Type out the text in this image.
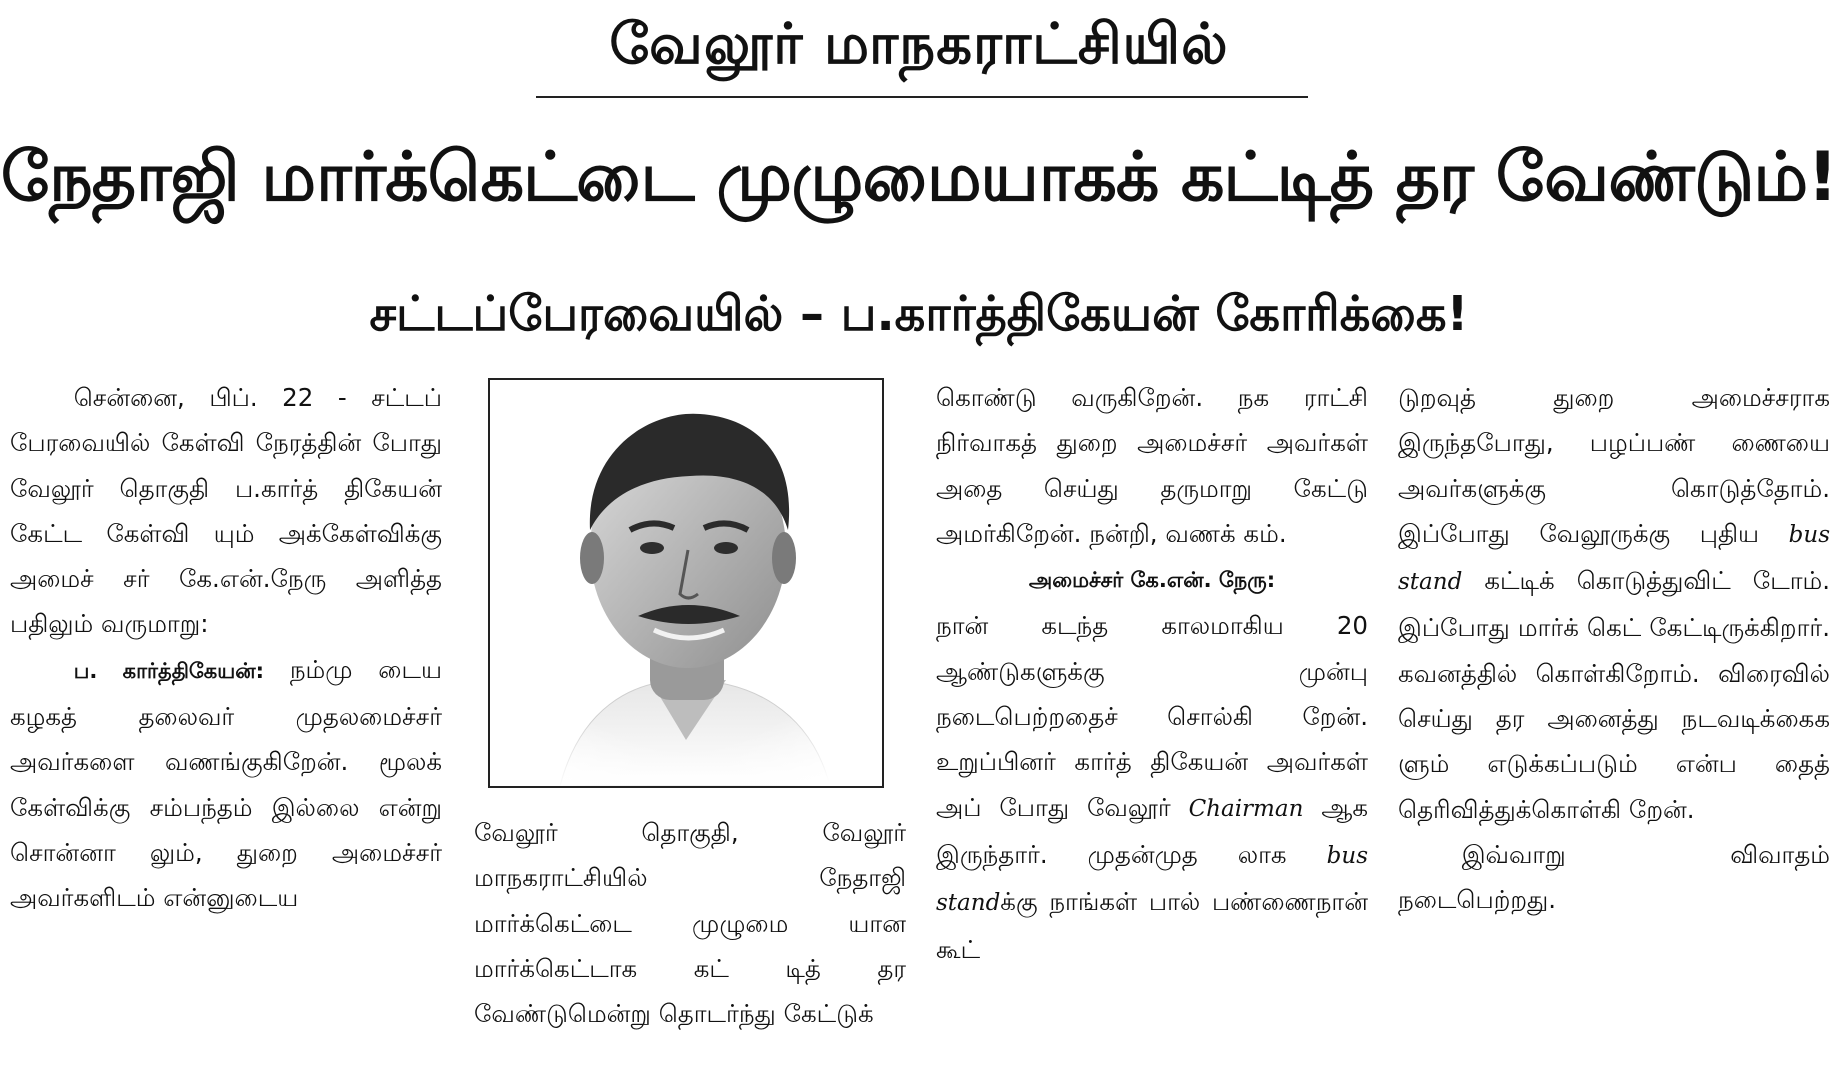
வேலூர் மாநகராட்சியில்
நேதாஜி மார்க்கெட்டை முழுமையாகக் கட்டித் தர வேண்டும்!
சட்டப்பேரவையில் – ப.கார்த்திகேயன் கோரிக்கை!

சென்னை, பிப். 22 - சட்டப் பேரவையில் கேள்வி நேரத்தின் போது வேலூர் தொகுதி ப.கார்த் திகேயன் கேட்ட கேள்வி யும் அக்கேள்விக்கு அமைச் சர் கே.என்.நேரு அளித்த பதிலும் வருமாறு:

ப. கார்த்திகேயன்: நம்மு டைய கழகத் தலைவர் முதலமைச்சர் அவர்களை வணங்குகிறேன். மூலக் கேள்விக்கு சம்பந்தம் இல்லை என்று சொன்னா லும், துறை அமைச்சர் அவர்களிடம் என்னுடைய

வேலூர் தொகுதி, வேலூர் மாநகராட்சியில் நேதாஜி மார்க்கெட்டை முழுமை யான மார்க்கெட்டாக கட் டித் தர வேண்டுமென்று தொடர்ந்து கேட்டுக்

கொண்டு வருகிறேன். நக ராட்சி நிர்வாகத் துறை அமைச்சர் அவர்கள் அதை செய்து தருமாறு கேட்டு அமர்கிறேன். நன்றி, வணக் கம்.

அமைச்சர் கே.என். நேரு:

நான் கடந்த காலமாகிய 20 ஆண்டுகளுக்கு முன்பு நடைபெற்றதைச் சொல்கி றேன். உறுப்பினர் கார்த் திகேயன் அவர்கள் அப் போது வேலூர் Chairman ஆக இருந்தார். முதன்முத லாக bus standக்கு நாங்கள் பால் பண்ணைநான் கூட்

டுறவுத் துறை அமைச்சராக இருந்தபோது, பழப்பண் ணையை அவர்களுக்கு கொடுத்தோம். இப்போது வேலூருக்கு புதிய bus stand கட்டிக் கொடுத்துவிட் டோம். இப்போது மார்க் கெட் கேட்டிருக்கிறார். கவனத்தில் கொள்கிறோம். விரைவில் செய்து தர அனைத்து நடவடிக்கைக ளும் எடுக்கப்படும் என்ப தைத் தெரிவித்துக்கொள்கி றேன்.

இவ்வாறு விவாதம் நடைபெற்றது.
